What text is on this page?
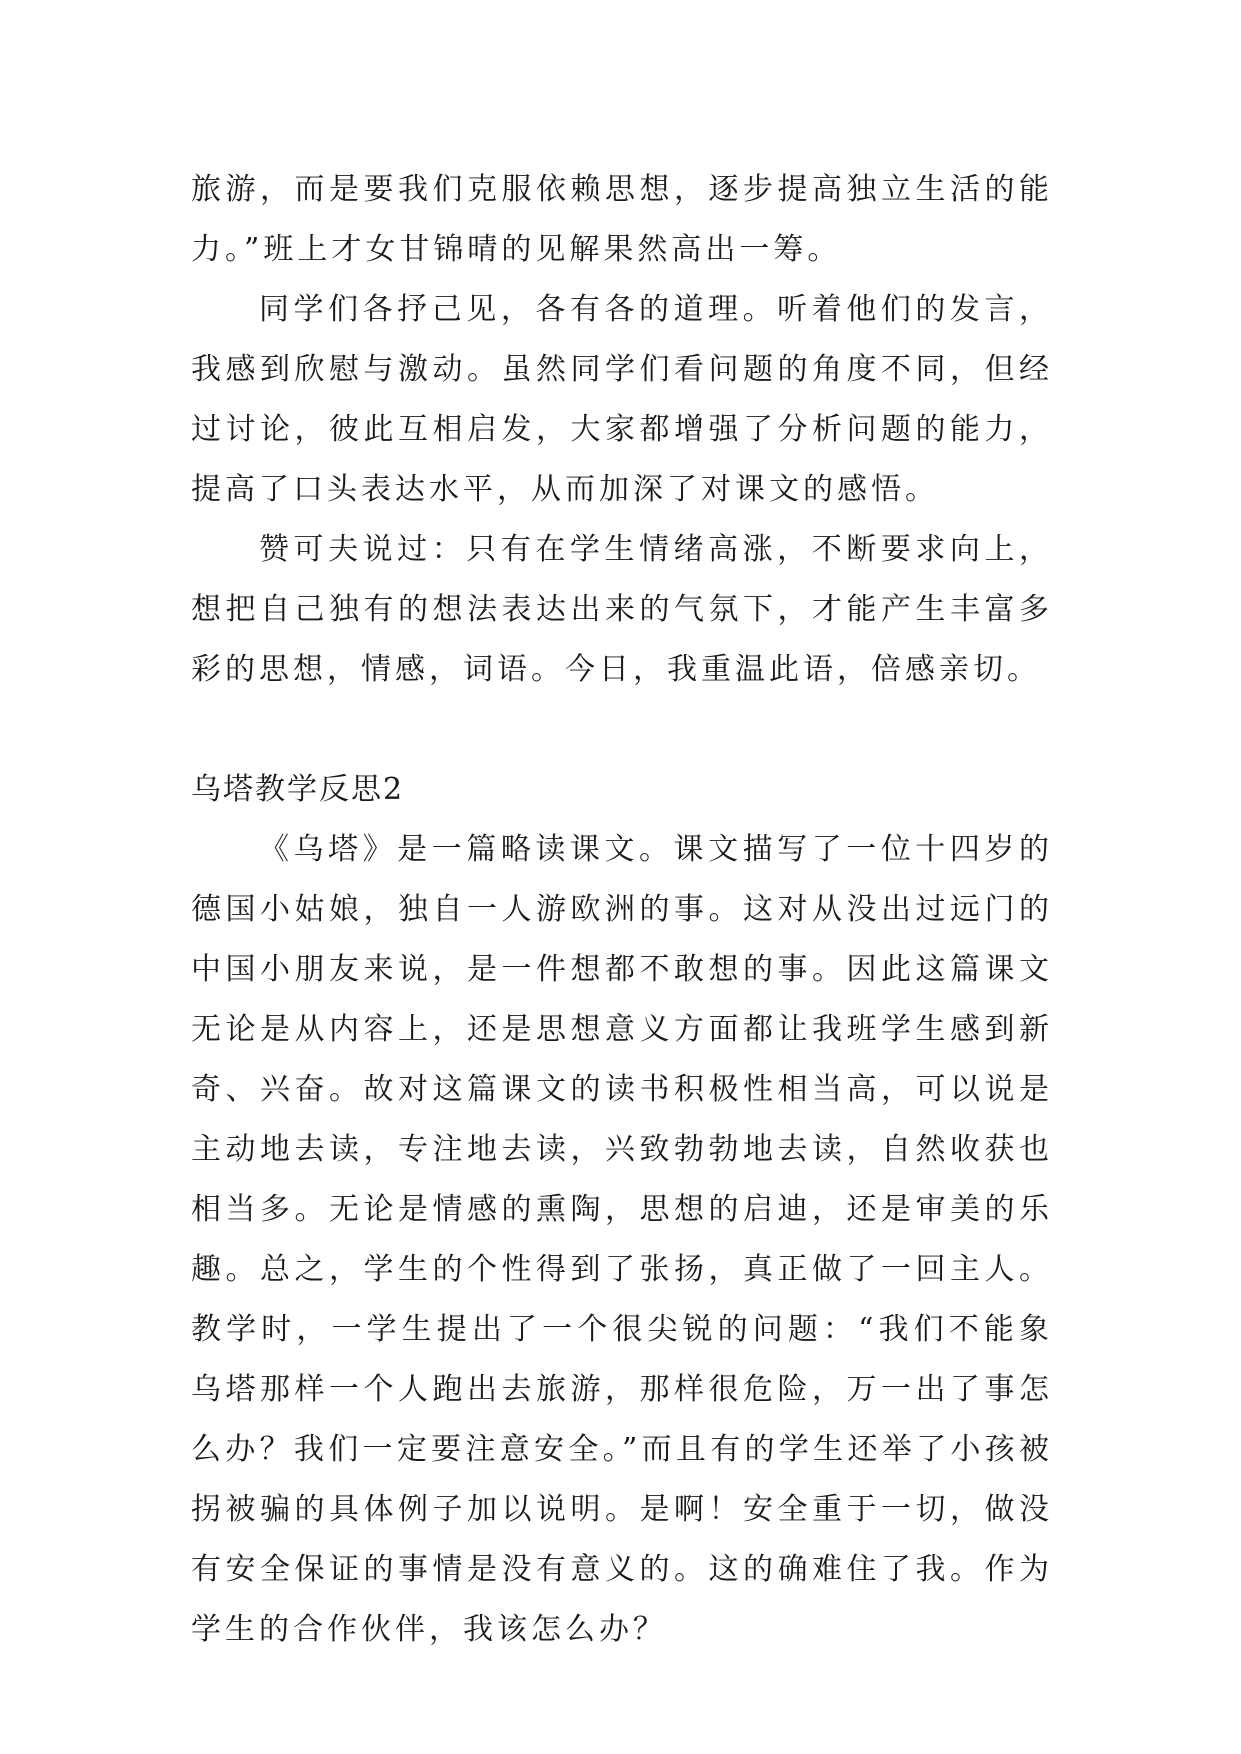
旅游，而是要我们克服依赖思想，逐步提高独立生活的能力。”班上才女甘锦晴的见解果然高出一筹。

同学们各抒己见，各有各的道理。听着他们的发言，我感到欣慰与激动。虽然同学们看问题的角度不同，但经过讨论，彼此互相启发，大家都增强了分析问题的能力，提高了口头表达水平，从而加深了对课文的感悟。

赞可夫说过：只有在学生情绪高涨，不断要求向上，想把自己独有的想法表达出来的气氛下，才能产生丰富多彩的思想，情感，词语。今日，我重温此语，倍感亲切。

乌塔教学反思2

《乌塔》是一篇略读课文。课文描写了一位十四岁的德国小姑娘，独自一人游欧洲的事。这对从没出过远门的中国小朋友来说，是一件想都不敢想的事。因此这篇课文无论是从内容上，还是思想意义方面都让我班学生感到新奇、兴奋。故对这篇课文的读书积极性相当高，可以说是主动地去读，专注地去读，兴致勃勃地去读，自然收获也相当多。无论是情感的熏陶，思想的启迪，还是审美的乐趣。总之，学生的个性得到了张扬，真正做了一回主人。教学时，一学生提出了一个很尖锐的问题：“我们不能象乌塔那样一个人跑出去旅游，那样很危险，万一出了事怎么办？我们一定要注意安全。”而且有的学生还举了小孩被拐被骗的具体例子加以说明。是啊！安全重于一切，做没有安全保证的事情是没有意义的。这的确难住了我。作为学生的合作伙伴，我该怎么办？
